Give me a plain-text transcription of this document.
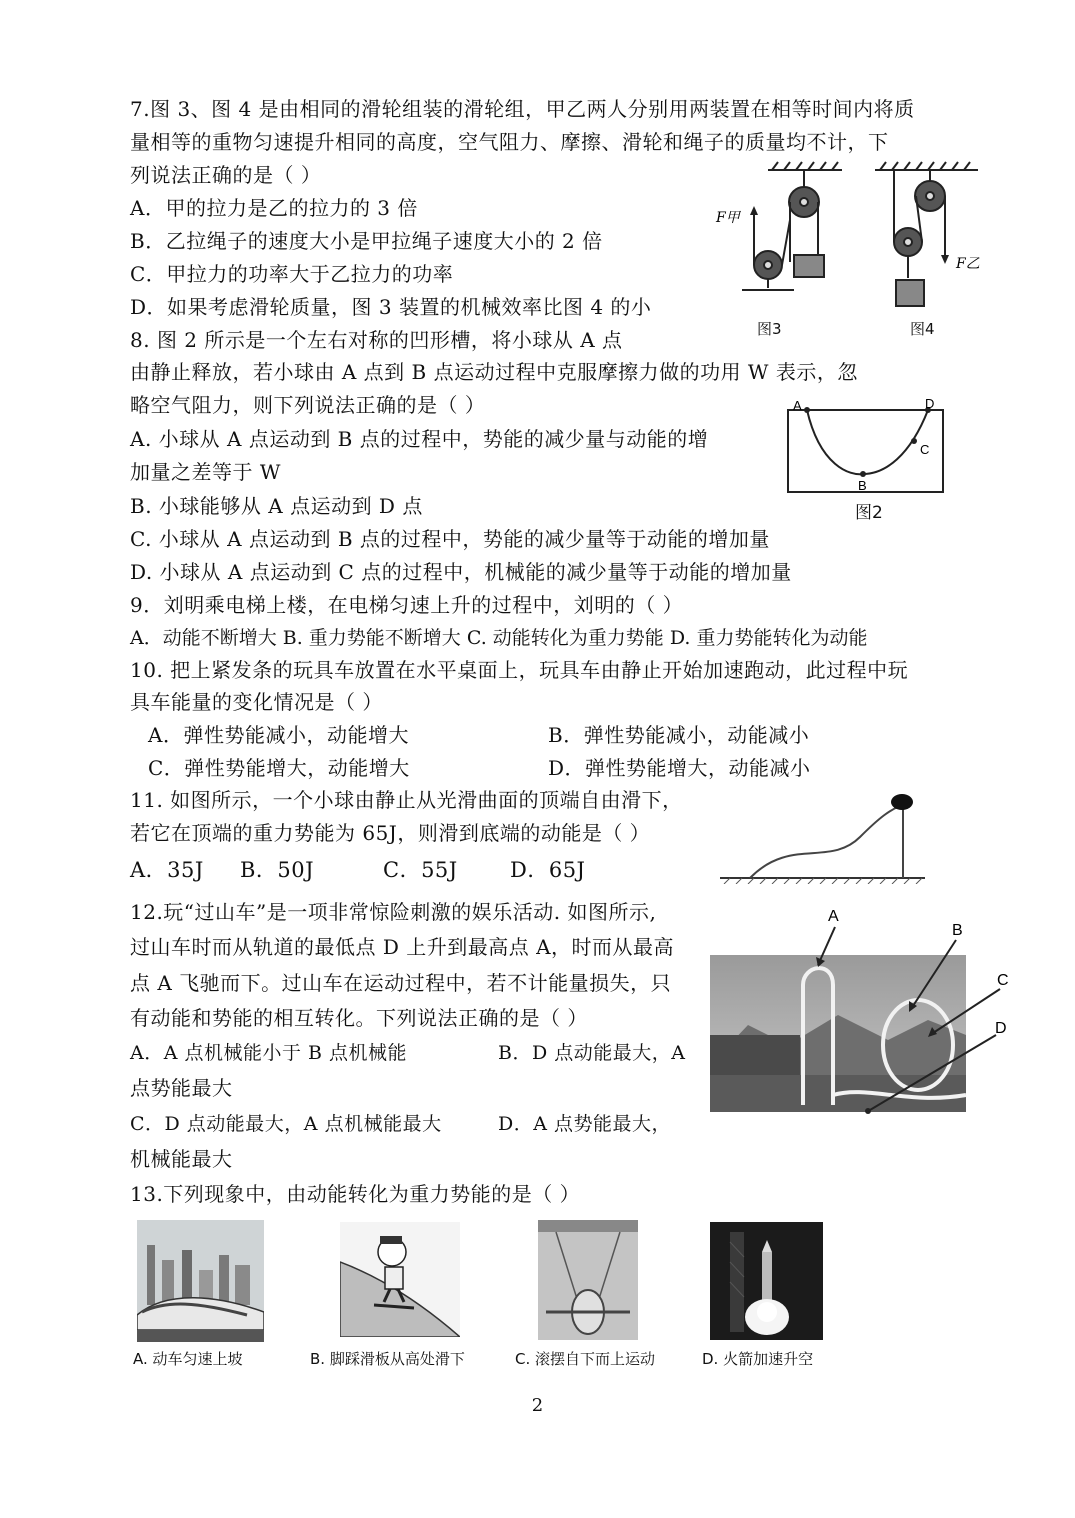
7.图 3、图 4 是由相同的滑轮组装的滑轮组，甲乙两人分别用两装置在相等时间内将质
量相等的重物匀速提升相同的高度，空气阻力、摩擦、滑轮和绳子的质量均不计，下
列说法正确的是（ ）
A．甲的拉力是乙的拉力的 3 倍
B．乙拉绳子的速度大小是甲拉绳子速度大小的 2 倍
C．甲拉力的功率大于乙拉力的功率
D．如果考虑滑轮质量，图 3 装置的机械效率比图 4 的小
F甲
F乙
图3	图4
8. 图 2 所示是一个左右对称的凹形槽，将小球从 A 点
由静止释放，若小球由 A 点到 B 点运动过程中克服摩擦力做的功用 W 表示，忽
略空气阻力，则下列说法正确的是（ ）
A. 小球从 A 点运动到 B 点的过程中，势能的减少量与动能的增
加量之差等于 W
B. 小球能够从 A 点运动到 D 点
C. 小球从 A 点运动到 B 点的过程中，势能的减少量等于动能的增加量
D. 小球从 A 点运动到 C 点的过程中，机械能的减少量等于动能的增加量
A
B
C
D
图2
9．刘明乘电梯上楼，在电梯匀速上升的过程中，刘明的（ ）
A．动能不断增大 B. 重力势能不断增大 C. 动能转化为重力势能 D. 重力势能转化为动能
10. 把上紧发条的玩具车放置在水平桌面上，玩具车由静止开始加速跑动，此过程中玩
具车能量的变化情况是（ ）
A．弹性势能减小，动能增大	B．弹性势能减小，动能减小
C．弹性势能增大，动能增大	D．弹性势能增大，动能减小
11. 如图所示，一个小球由静止从光滑曲面的顶端自由滑下，
若它在顶端的重力势能为 65J，则滑到底端的动能是（ ）
A．35J B．50J	C．55J D．65J
12.玩“过山车”是一项非常惊险刺激的娱乐活动. 如图所示,
过山车时而从轨道的最低点 D 上升到最高点 A，时而从最高
点 A 飞驰而下。过山车在运动过程中，若不计能量损失，只
有动能和势能的相互转化。下列说法正确的是（ ）
A．A 点机械能小于 B 点机械能	B．D 点动能最大，A
点势能最大
C．D 点动能最大，A 点机械能最大	D．A 点势能最大，
机械能最大
A
B
C
D
13.下列现象中，由动能转化为重力势能的是（ ）
A. 动车匀速上坡	B. 脚踩滑板从高处滑下	C. 滚摆自下而上运动	D. 火箭加速升空
2
